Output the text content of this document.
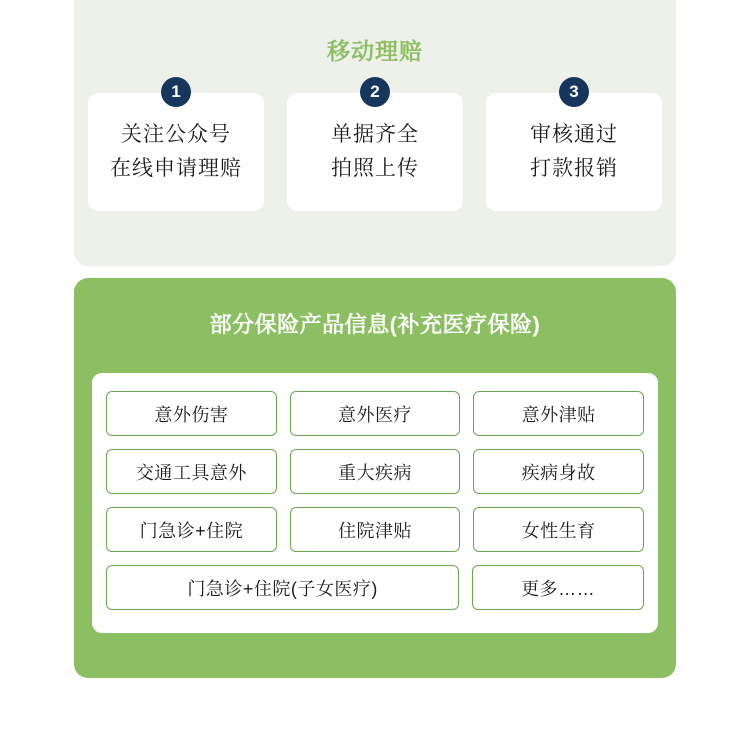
移动理赔
1
关注公众号
在线申请理赔
2
单据齐全
拍照上传
3
审核通过
打款报销
部分保险产品信息(补充医疗保险)
意外伤害	意外医疗	意外津贴
交通工具意外	重大疾病	疾病身故
门急诊+住院	住院津贴	女性生育
门急诊+住院(子女医疗)	更多……
